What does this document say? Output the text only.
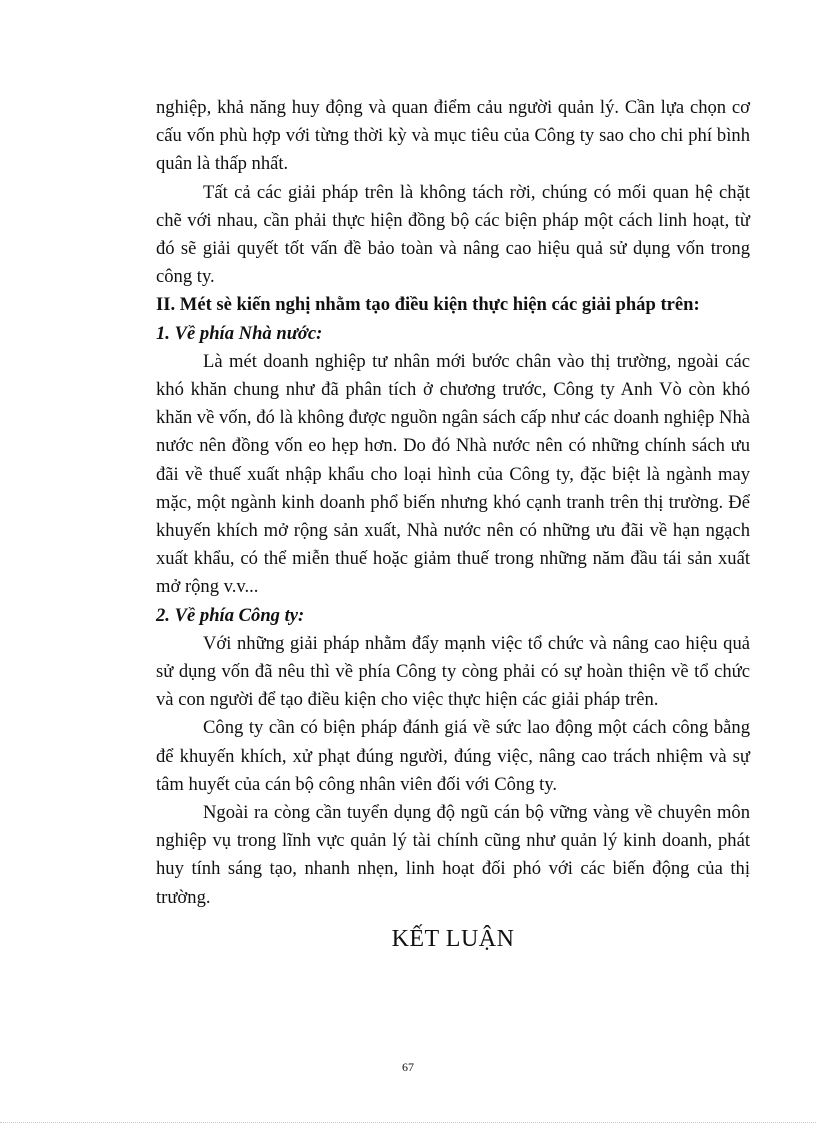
nghiệp, khả năng huy động và quan điểm cảu người quản lý. Cần lựa chọn cơ cấu vốn phù hợp với từng thời kỳ và mục tiêu của Công ty sao cho chi phí bình quân là thấp nhất.

Tất cả các giải pháp trên là không tách rời, chúng có mối quan hệ chặt chẽ với nhau, cần phải thực hiện đồng bộ các biện pháp một cách linh hoạt, từ đó sẽ giải quyết tốt vấn đề bảo toàn và nâng cao hiệu quả sử dụng vốn trong công ty.

II. Mét sè kiến nghị nhằm tạo điều kiện thực hiện các giải pháp trên:

1. Về phía Nhà nước:

Là mét doanh nghiệp tư nhân mới bước chân vào thị trường, ngoài các khó khăn chung như đã phân tích ở chương trước, Công ty Anh Vò còn khó khăn về vốn, đó là không được nguồn ngân sách cấp như các doanh nghiệp Nhà nước nên đồng vốn eo hẹp hơn. Do đó Nhà nước nên có những chính sách ưu đãi về thuế xuất nhập khẩu cho loại hình của Công ty, đặc biệt là ngành may mặc, một ngành kinh doanh phổ biến nhưng khó cạnh tranh trên thị trường. Để khuyến khích mở rộng sản xuất, Nhà nước nên có những ưu đãi về hạn ngạch xuất khẩu, có thể miễn thuế hoặc giảm thuế trong những năm đầu tái sản xuất mở rộng v.v...

2. Về phía Công ty:

Với những giải pháp nhằm đẩy mạnh việc tổ chức và nâng cao hiệu quả sử dụng vốn đã nêu thì về phía Công ty còng phải có sự hoàn thiện về tổ chức và con người để tạo điều kiện cho việc thực hiện các giải pháp trên.

Công ty cần có biện pháp đánh giá về sức lao động một cách công bằng để khuyến khích, xử phạt đúng người, đúng việc, nâng cao trách nhiệm và sự tâm huyết của cán bộ công nhân viên đối với Công ty.

Ngoài ra còng cần tuyển dụng độ ngũ cán bộ vững vàng về chuyên môn nghiệp vụ trong lĩnh vực quản lý tài chính cũng như quản lý kinh doanh, phát huy tính sáng tạo, nhanh nhẹn, linh hoạt đối phó với các biến động của thị trường.

KẾT LUẬN

67
